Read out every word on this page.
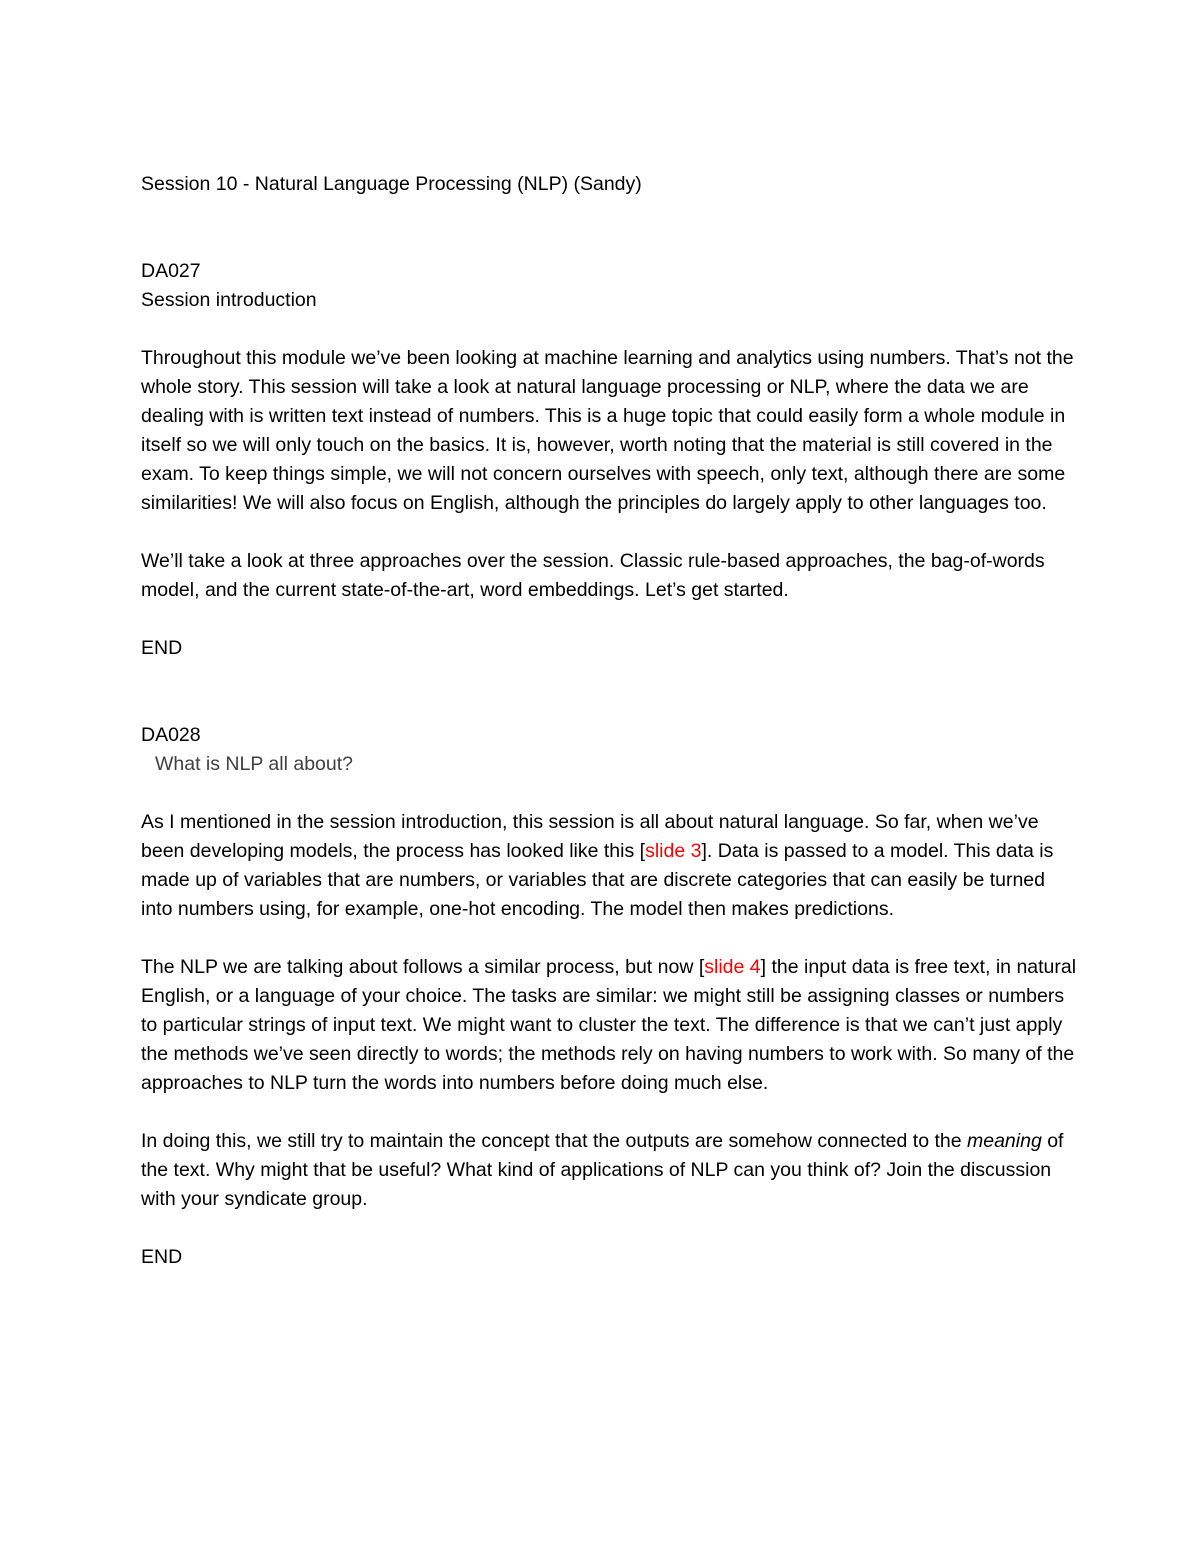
Session 10 - Natural Language Processing (NLP) (Sandy)

DA027

Session introduction

Throughout this module we’ve been looking at machine learning and analytics using numbers. That’s not the whole story. This session will take a look at natural language processing or NLP, where the data we are dealing with is written text instead of numbers. This is a huge topic that could easily form a whole module in itself so we will only touch on the basics. It is, however, worth noting that the material is still covered in the exam. To keep things simple, we will not concern ourselves with speech, only text, although there are some similarities! We will also focus on English, although the principles do largely apply to other languages too.

We’ll take a look at three approaches over the session. Classic rule-based approaches, the bag-of-words model, and the current state-of-the-art, word embeddings. Let’s get started.

END

DA028

What is NLP all about?

As I mentioned in the session introduction, this session is all about natural language. So far, when we’ve been developing models, the process has looked like this [slide 3]. Data is passed to a model. This data is made up of variables that are numbers, or variables that are discrete categories that can easily be turned into numbers using, for example, one-hot encoding. The model then makes predictions.

The NLP we are talking about follows a similar process, but now [slide 4] the input data is free text, in natural English, or a language of your choice. The tasks are similar: we might still be assigning classes or numbers to particular strings of input text. We might want to cluster the text. The difference is that we can’t just apply the methods we’ve seen directly to words; the methods rely on having numbers to work with. So many of the approaches to NLP turn the words into numbers before doing much else.

In doing this, we still try to maintain the concept that the outputs are somehow connected to the meaning of the text. Why might that be useful? What kind of applications of NLP can you think of? Join the discussion with your syndicate group.

END
